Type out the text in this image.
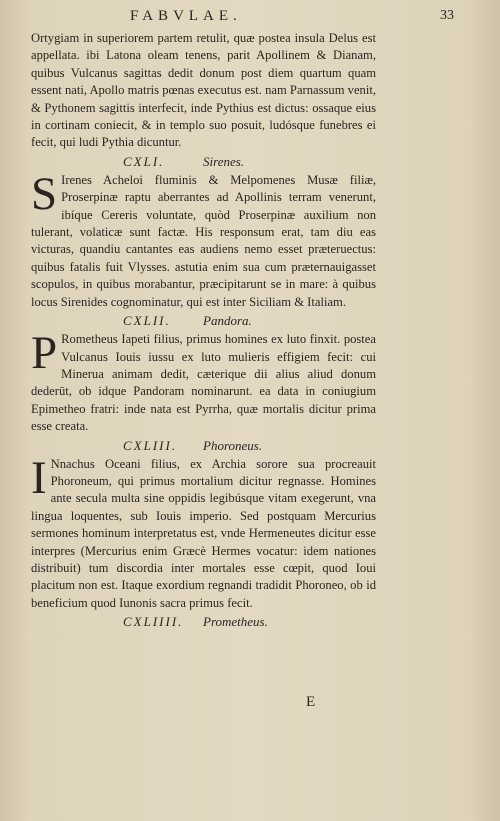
FABVLAE.	33

Ortygiam in superiorem partem retulit, quæ postea insula Delus est appellata. ibi Latona oleam tenens, parit Apollinem & Dianam, quibus Vulcanus sagittas dedit donum post diem quartum quam essent nati, Apollo matris pœnas executus est. nam Parnassum venit, & Pythonem sagittis interfecit, inde Pythius est dictus: ossaque eius in cortinam coniecit, & in templo suo posuit, ludósque funebres ei fecit, qui ludi Pythia dicuntur.

CXLI.	Sirenes.

S Irenes Acheloi fluminis & Melpomenes Musæ filiæ, Proserpinæ raptu aberrantes ad Apollinis terram venerunt, ibíque Cereris voluntate, quòd Proserpinæ auxilium non tulerant, volaticæ sunt factæ. His responsum erat, tam diu eas victuras, quandiu cantantes eas audiens nemo esset præteruectus: quibus fatalis fuit Vlysses. astutia enim sua cum præternauigasset scopulos, in quibus morabantur, præcipitarunt se in mare: à quibus locus Sirenides cognominatur, qui est inter Siciliam & Italiam.

CXLII.	Pandora.

P Rometheus Iapeti filius, primus homines ex luto finxit. postea Vulcanus Iouis iussu ex luto mulieris effigiem fecit: cui Minerua animam dedit, cæterique dii alius aliud donum dederūt, ob idque Pandoram nominarunt. ea data in coniugium Epimetheo fratri: inde nata est Pyrrha, quæ mortalis dicitur prima esse creata.

CXLIII.	Phoroneus.

I Nnachus Oceani filius, ex Archia sorore sua procreauit Phoroneum, qui primus mortalium dicitur regnasse. Homines ante secula multa sine oppidis legibúsque vitam exegerunt, vna lingua loquentes, sub Iouis imperio. Sed postquam Mercurius sermones hominum interpretatus est, vnde Hermeneutes dicitur esse interpres (Mercurius enim Græcè Hermes vocatur: idem nationes distribuit) tum discordia inter mortales esse cœpit, quod Ioui placitum non est. Itaque exordium regnandi tradidit Phoroneo, ob id beneficium quod Iunonis sacra primus fecit.

CXLIIII.	Prometheus.
E
